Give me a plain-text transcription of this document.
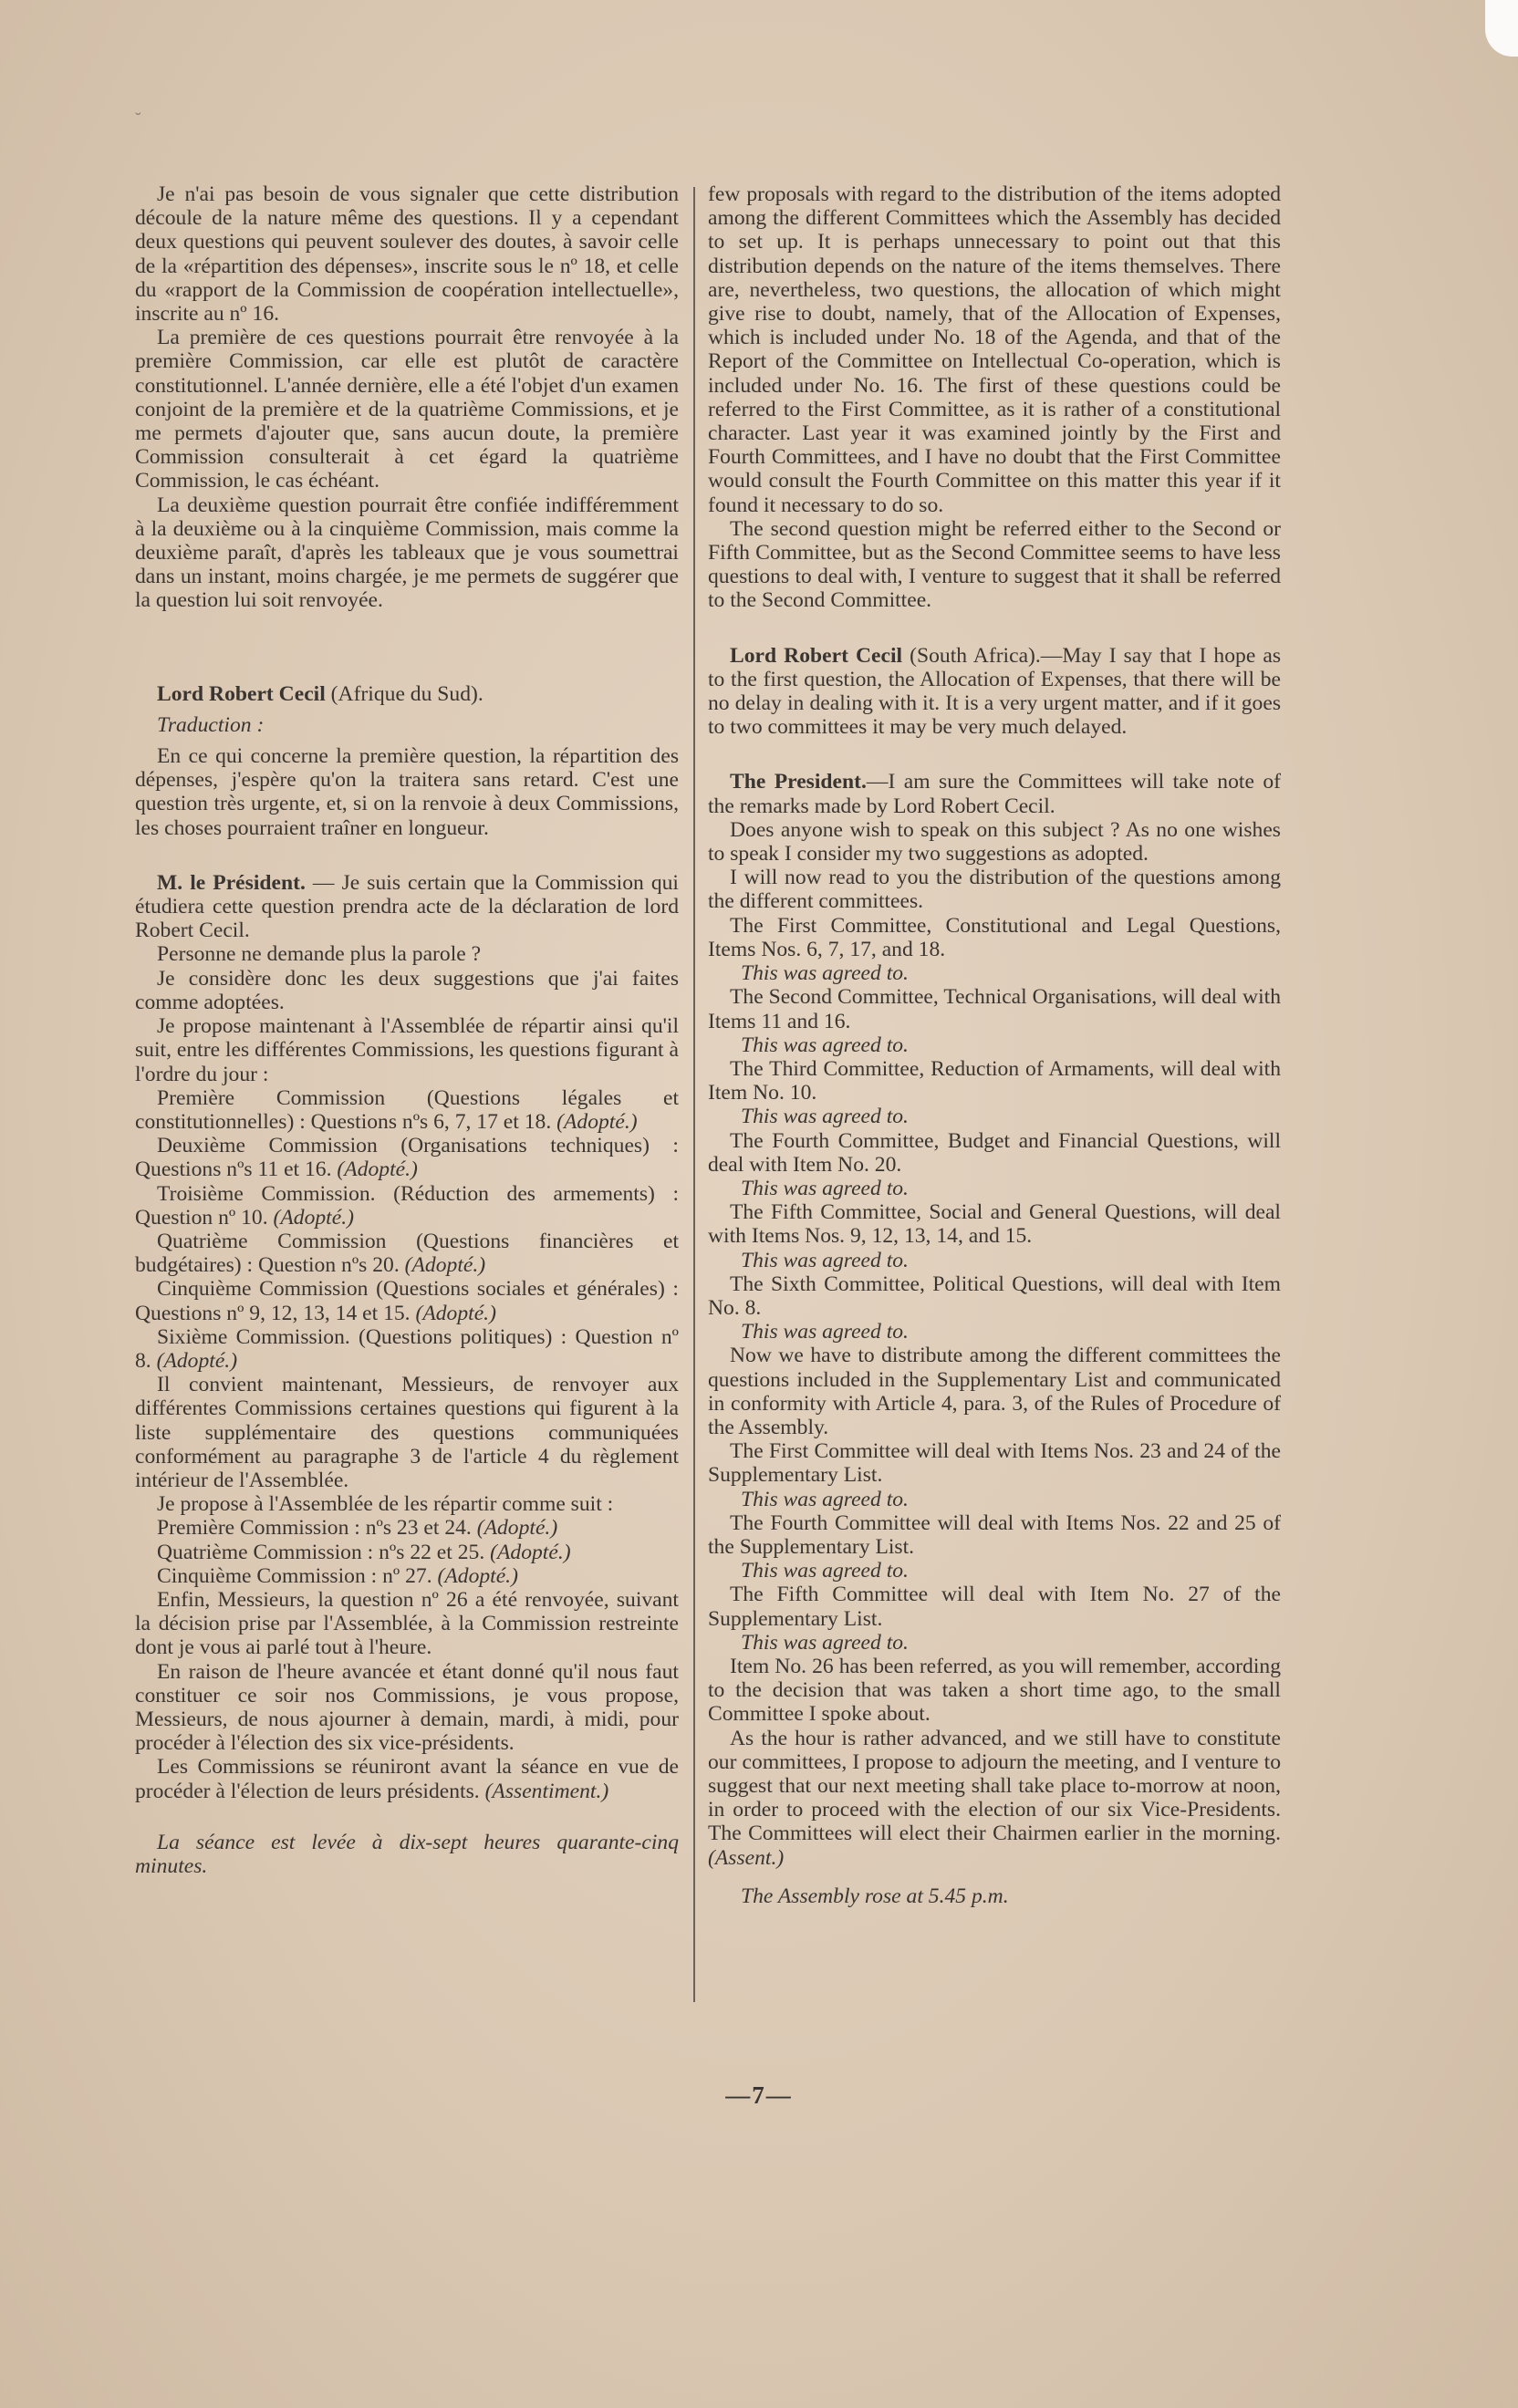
˘

Je n'ai pas besoin de vous signaler que cette distribution découle de la nature même des questions. Il y a cependant deux questions qui peuvent soulever des doutes, à savoir celle de la «répartition des dépenses», inscrite sous le nº 18, et celle du «rapport de la Commission de coopération intellectuelle», inscrite au nº 16.

La première de ces questions pourrait être renvoyée à la première Commission, car elle est plutôt de caractère constitutionnel. L'année dernière, elle a été l'objet d'un examen conjoint de la première et de la quatrième Commissions, et je me permets d'ajouter que, sans aucun doute, la première Commission consulterait à cet égard la quatrième Commission, le cas échéant.

La deuxième question pourrait être confiée indifféremment à la deuxième ou à la cinquième Commission, mais comme la deuxième paraît, d'après les tableaux que je vous soumettrai dans un instant, moins chargée, je me permets de suggérer que la question lui soit renvoyée.

Lord Robert Cecil (Afrique du Sud).

Traduction :

En ce qui concerne la première question, la répartition des dépenses, j'espère qu'on la traitera sans retard. C'est une question très urgente, et, si on la renvoie à deux Commissions, les choses pourraient traîner en longueur.

M. le Président. — Je suis certain que la Commission qui étudiera cette question prendra acte de la déclaration de lord Robert Cecil.

Personne ne demande plus la parole ?

Je considère donc les deux suggestions que j'ai faites comme adoptées.

Je propose maintenant à l'Assemblée de répartir ainsi qu'il suit, entre les différentes Commissions, les questions figurant à l'ordre du jour :

Première Commission (Questions légales et constitutionnelles) : Questions nºs 6, 7, 17 et 18. (Adopté.)

Deuxième Commission (Organisations techniques) : Questions nºs 11 et 16. (Adopté.)

Troisième Commission. (Réduction des armements) : Question nº 10. (Adopté.)

Quatrième Commission (Questions financières et budgétaires) : Question nºs 20. (Adopté.)

Cinquième Commission (Questions sociales et générales) : Questions nº 9, 12, 13, 14 et 15. (Adopté.)

Sixième Commission. (Questions politiques) : Question nº 8. (Adopté.)

Il convient maintenant, Messieurs, de renvoyer aux différentes Commissions certaines questions qui figurent à la liste supplémentaire des questions communiquées conformément au paragraphe 3 de l'article 4 du règlement intérieur de l'Assemblée.

Je propose à l'Assemblée de les répartir comme suit :

Première Commission : nºs 23 et 24. (Adopté.)

Quatrième Commission : nºs 22 et 25. (Adopté.)

Cinquième Commission : nº 27. (Adopté.)

Enfin, Messieurs, la question nº 26 a été renvoyée, suivant la décision prise par l'Assemblée, à la Commission restreinte dont je vous ai parlé tout à l'heure.

En raison de l'heure avancée et étant donné qu'il nous faut constituer ce soir nos Commissions, je vous propose, Messieurs, de nous ajourner à demain, mardi, à midi, pour procéder à l'élection des six vice-présidents.

Les Commissions se réuniront avant la séance en vue de procéder à l'élection de leurs présidents. (Assentiment.)

La séance est levée à dix-sept heures quarante-cinq minutes.

few proposals with regard to the distribution of the items adopted among the different Committees which the Assembly has decided to set up. It is perhaps unnecessary to point out that this distribution depends on the nature of the items themselves. There are, nevertheless, two questions, the allocation of which might give rise to doubt, namely, that of the Allocation of Expenses, which is included under No. 18 of the Agenda, and that of the Report of the Committee on Intellectual Co-operation, which is included under No. 16. The first of these questions could be referred to the First Committee, as it is rather of a constitutional character. Last year it was examined jointly by the First and Fourth Committees, and I have no doubt that the First Committee would consult the Fourth Committee on this matter this year if it found it necessary to do so.

The second question might be referred either to the Second or Fifth Committee, but as the Second Committee seems to have less questions to deal with, I venture to suggest that it shall be referred to the Second Committee.

Lord Robert Cecil (South Africa).—May I say that I hope as to the first question, the Allocation of Expenses, that there will be no delay in dealing with it. It is a very urgent matter, and if it goes to two committees it may be very much delayed.

The President.—I am sure the Committees will take note of the remarks made by Lord Robert Cecil.

Does anyone wish to speak on this subject ? As no one wishes to speak I consider my two suggestions as adopted.

I will now read to you the distribution of the questions among the different committees.

The First Committee, Constitutional and Legal Questions, Items Nos. 6, 7, 17, and 18.

This was agreed to.

The Second Committee, Technical Organisations, will deal with Items 11 and 16.

This was agreed to.

The Third Committee, Reduction of Armaments, will deal with Item No. 10.

This was agreed to.

The Fourth Committee, Budget and Financial Questions, will deal with Item No. 20.

This was agreed to.

The Fifth Committee, Social and General Questions, will deal with Items Nos. 9, 12, 13, 14, and 15.

This was agreed to.

The Sixth Committee, Political Questions, will deal with Item No. 8.

This was agreed to.

Now we have to distribute among the different committees the questions included in the Supplementary List and communicated in conformity with Article 4, para. 3, of the Rules of Procedure of the Assembly.

The First Committee will deal with Items Nos. 23 and 24 of the Supplementary List.

This was agreed to.

The Fourth Committee will deal with Items Nos. 22 and 25 of the Supplementary List.

This was agreed to.

The Fifth Committee will deal with Item No. 27 of the Supplementary List.

This was agreed to.

Item No. 26 has been referred, as you will remember, according to the decision that was taken a short time ago, to the small Committee I spoke about.

As the hour is rather advanced, and we still have to constitute our committees, I propose to adjourn the meeting, and I venture to suggest that our next meeting shall take place to-morrow at noon, in order to proceed with the election of our six Vice-Presidents. The Committees will elect their Chairmen earlier in the morning. (Assent.)

The Assembly rose at 5.45 p.m.

—7—
